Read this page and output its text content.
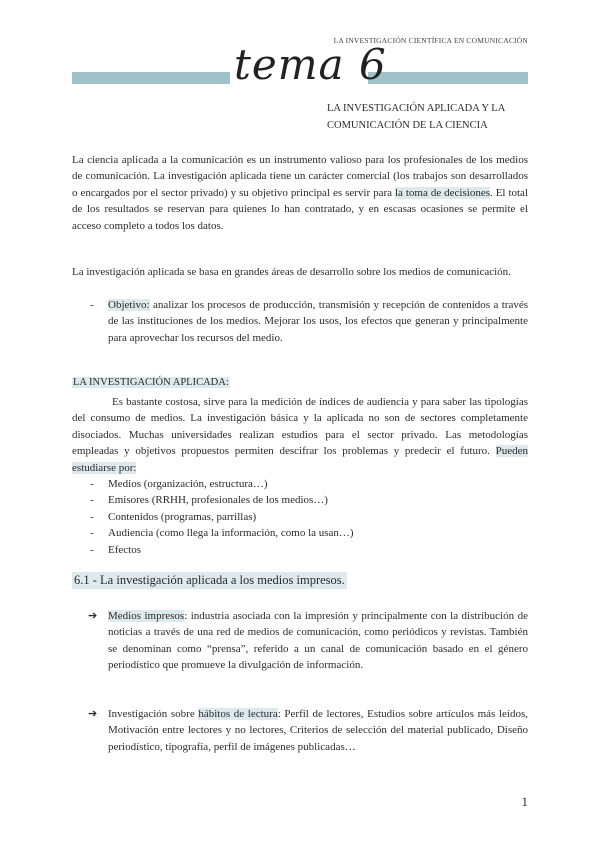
LA INVESTIGACIÓN CIENTÍFICA EN COMUNICACIÓN
tema 6
LA INVESTIGACIÓN APLICADA Y LA
COMUNICACIÓN DE LA CIENCIA
La ciencia aplicada a la comunicación es un instrumento valioso para los profesionales de los medios de comunicación. La investigación aplicada tiene un carácter comercial (los trabajos son desarrollados o encargados por el sector privado) y su objetivo principal es servir para la toma de decisiones. El total de los resultados se reservan para quienes lo han contratado, y en escasas ocasiones se permite el acceso completo a todos los datos.
La investigación aplicada se basa en grandes áreas de desarrollo sobre los medios de comunicación.
-	Objetivo: analizar los procesos de producción, transmisión y recepción de contenidos a través de las instituciones de los medios. Mejorar los usos, los efectos que generan y principalmente para aprovechar los recursos del medio.
LA INVESTIGACIÓN APLICADA:
Es bastante costosa, sirve para la medición de índices de audiencia y para saber las tipologías del consumo de medios. La investigación básica y la aplicada no son de sectores completamente disociados. Muchas universidades realizan estudios para el sector privado. Las metodologías empleadas y objetivos propuestos permiten descifrar los problemas y predecir el futuro. Pueden estudiarse por:
-	Medios (organización, estructura…)
-	Emisores (RRHH, profesionales de los medios…)
-	Contenidos (programas, parrillas)
-	Audiencia (como llega la información, como la usan…)
-	Efectos
6.1 - La investigación aplicada a los medios impresos.
➔ Medios impresos: industria asociada con la impresión y principalmente con la distribución de noticias a través de una red de medios de comunicación, como periódicos y revistas. También se denominan como “prensa”, referido a un canal de comunicación basado en el género periodístico que promueve la divulgación de información.
➔ Investigación sobre hábitos de lectura: Perfil de lectores, Estudios sobre artículos más leídos, Motivación entre lectores y no lectores, Criterios de selección del material publicado, Diseño periodístico, tipografía, perfil de imágenes publicadas…
1
